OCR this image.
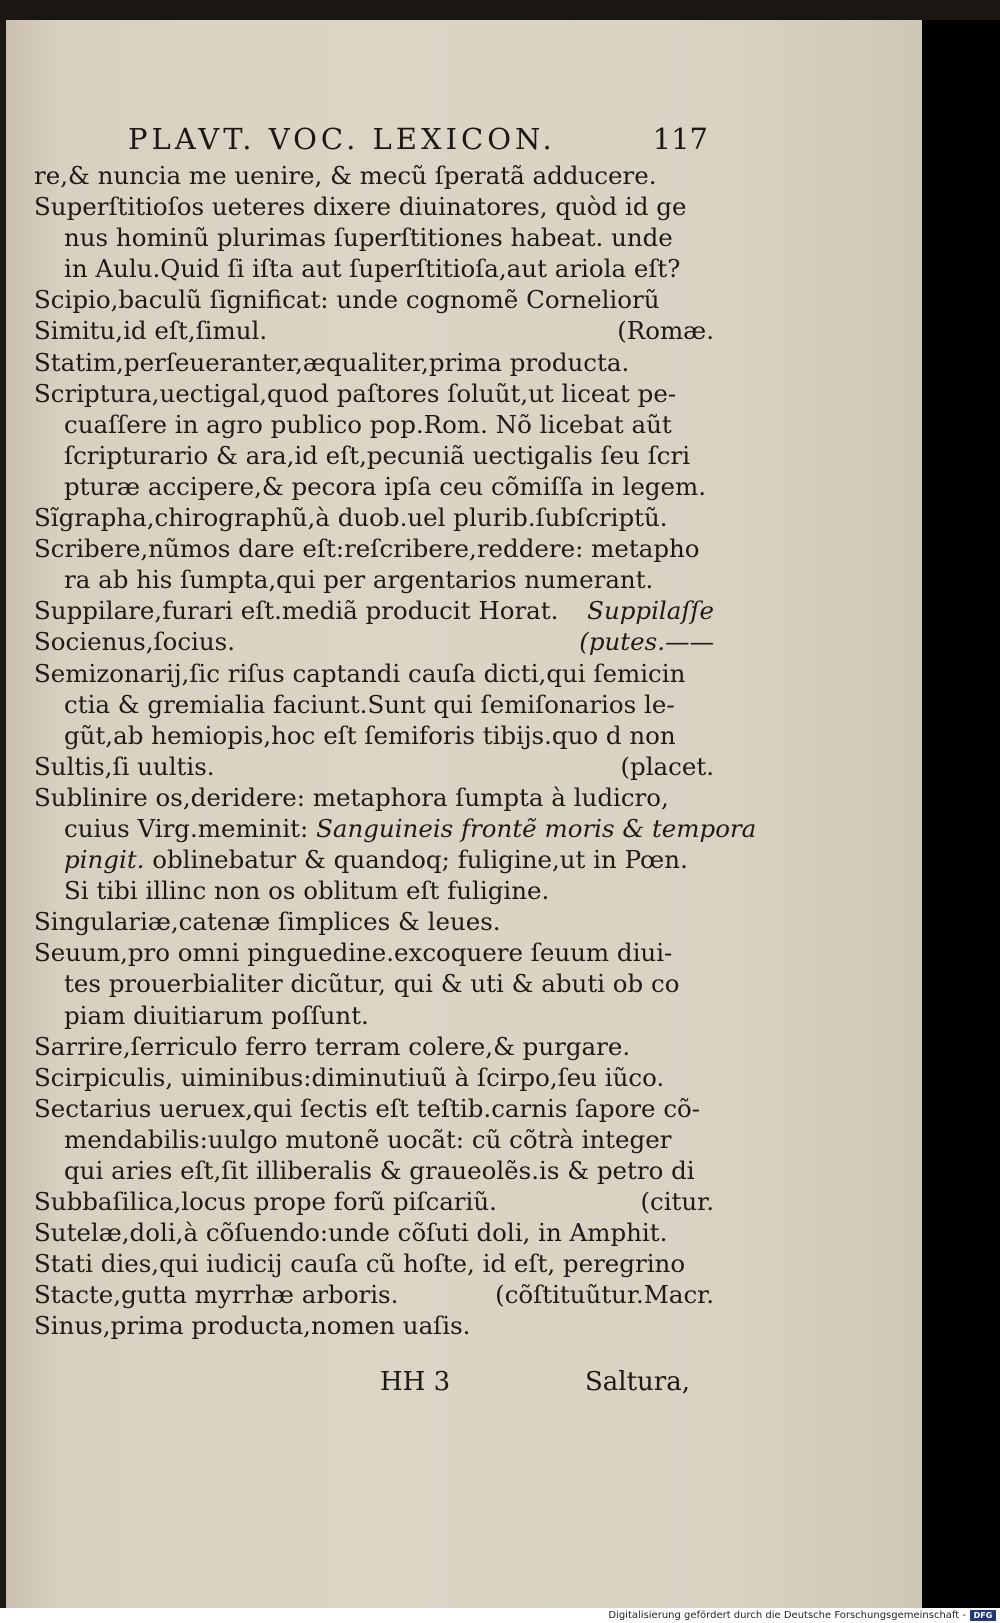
PLAVT. VOC. LEXICON.	117
re,& nuncia me uenire, & mecũ ſperatã adducere.
Superſtitioſos ueteres dixere diuinatores, quòd id ge
nus hominũ plurimas ſuperſtitiones habeat. unde
in Aulu.Quid ſi iſta aut ſuperſtitioſa,aut ariola eſt?
Scipio,baculũ ſignificat: unde cognomẽ Corneliorũ
Simitu,id eſt,ſimul.	(Romæ.
Statim,perſeueranter,æqualiter,prima producta.
Scriptura,uectigal,quod paſtores ſoluũt,ut liceat pe-
cuaſſere in agro publico pop.Rom. Nõ licebat aũt
ſcripturario & ara,id eſt,pecuniã uectigalis ſeu ſcri
pturæ accipere,& pecora ipſa ceu cõmiſſa in legem.
Sĩgrapha,chirographũ,à duob.uel plurib.ſubſcriptũ.
Scribere,nũmos dare eſt:reſcribere,reddere: metapho
ra ab his ſumpta,qui per argentarios numerant.
Suppilare,furari eſt.mediã producit Horat. Suppilaſſe
Socienus,ſocius.	(putes.——
Semizonarij,ſic riſus captandi cauſa dicti,qui ſemicin
ctia & gremialia faciunt.Sunt qui ſemiſonarios le-
gũt,ab hemiopis,hoc eſt ſemiforis tibijs.quo d non
Sultis,ſi uultis.	(placet.
Sublinire os,deridere: metaphora ſumpta à ludicro,
cuius Virg.meminit: Sanguineis frontẽ moris & tempora
pingit. oblinebatur & quandoq; fuligine,ut in Pœn.
Si tibi illinc non os oblitum eſt fuligine.
Singulariæ,catenæ ſimplices & leues.
Seuum,pro omni pinguedine.excoquere ſeuum diui-
tes prouerbialiter dicũtur, qui & uti & abuti ob co
piam diuitiarum poſſunt.
Sarrire,ſerriculo ferro terram colere,& purgare.
Scirpiculis, uiminibus:diminutiuũ à ſcirpo,ſeu iũco.
Sectarius ueruex,qui ſectis eſt teſtib.carnis ſapore cõ-
mendabilis:uulgo mutonẽ uocãt: cũ cõtrà integer
qui aries eſt,ſit illiberalis & graueolẽs.is & petro di
Subbaſilica,locus prope forũ piſcariũ.	(citur.
Sutelæ,doli,à cõſuendo:unde cõſuti doli, in Amphit.
Stati dies,qui iudicij cauſa cũ hoſte, id eſt, peregrino
Stacte,gutta myrrhæ arboris.	(cõſtituũtur.Macr.
Sinus,prima producta,nomen uaſis.
HH 3	Saltura,
Digitalisierung gefördert durch die Deutsche Forschungsgemeinschaft - DFG
